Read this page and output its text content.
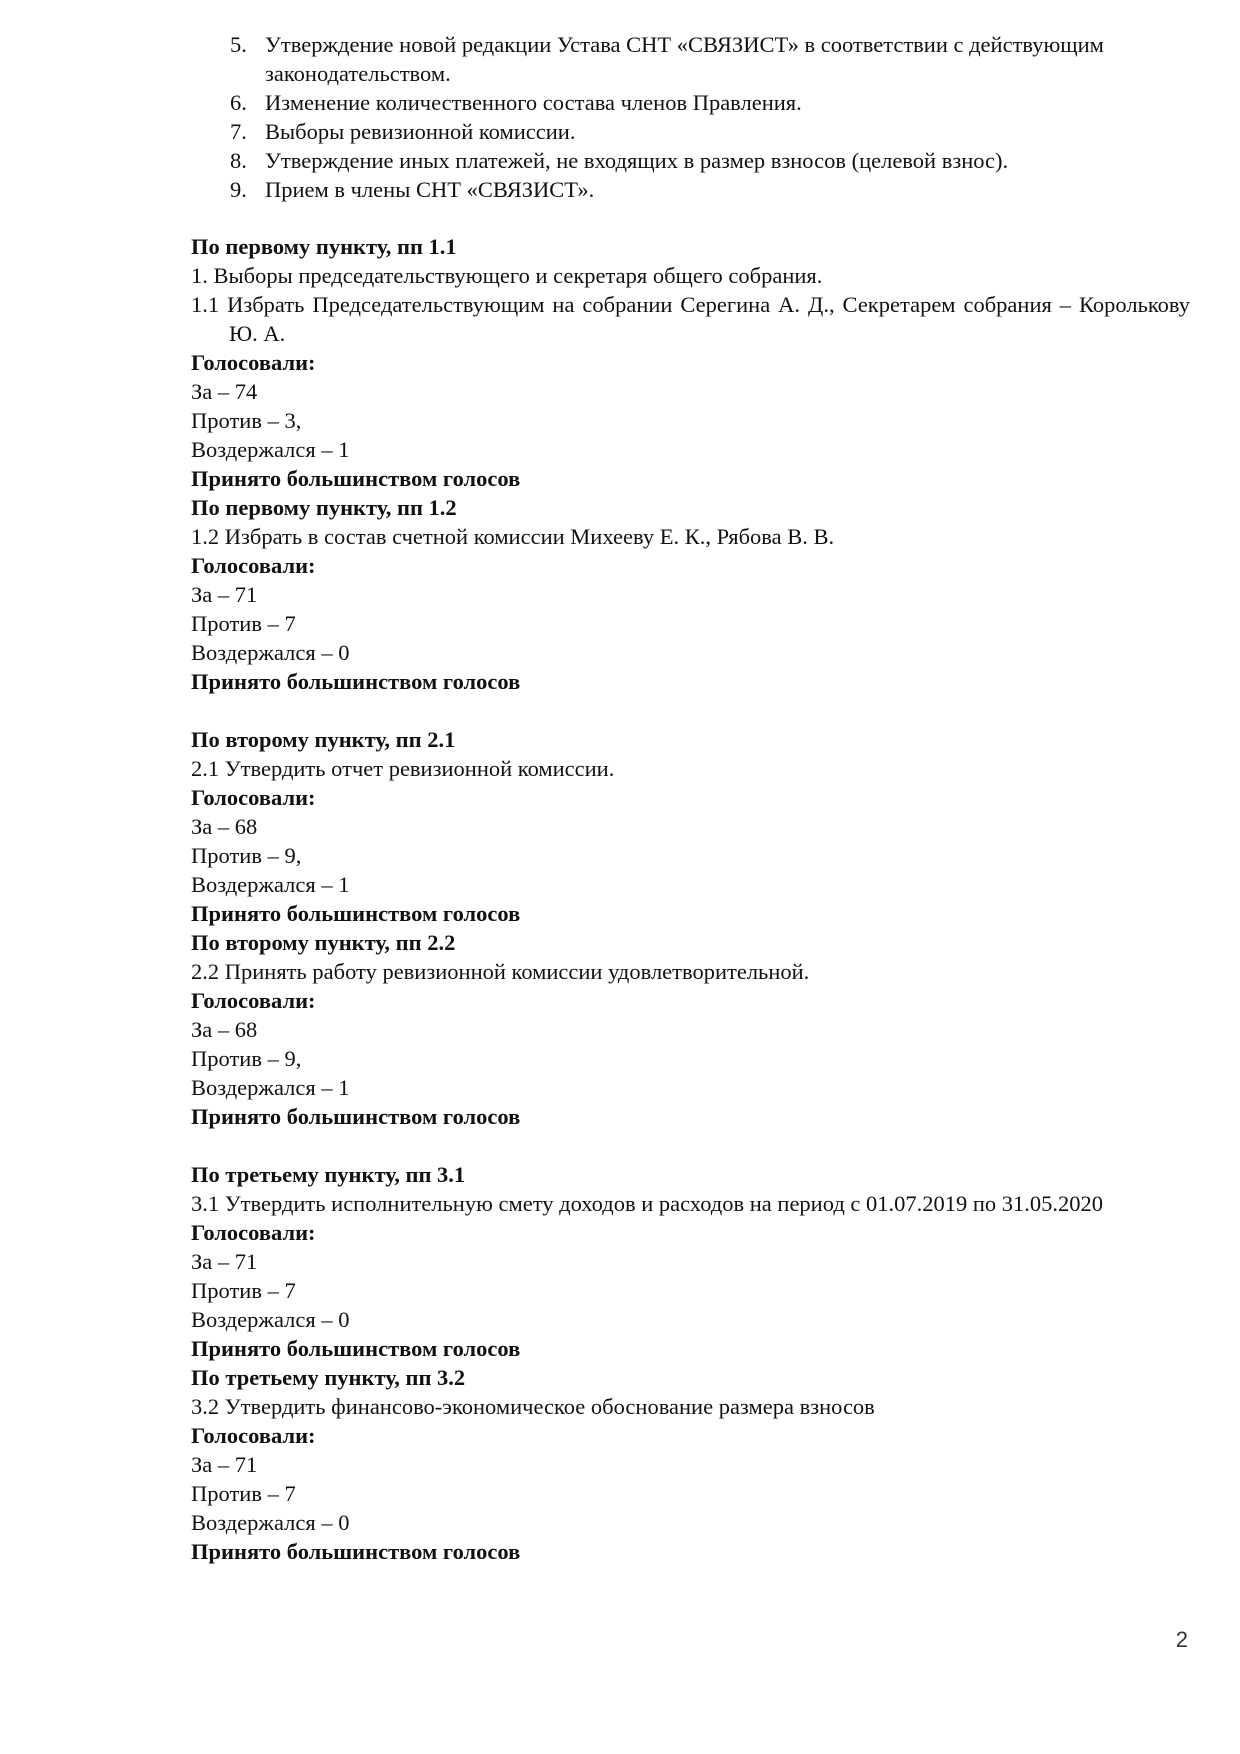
5. Утверждение новой редакции Устава СНТ «СВЯЗИСТ» в соответствии с действующим законодательством.
6. Изменение количественного состава членов Правления.
7. Выборы ревизионной комиссии.
8. Утверждение иных платежей, не входящих в размер взносов (целевой взнос).
9. Прием в члены СНТ «СВЯЗИСТ».
По первому пункту, пп 1.1
1. Выборы председательствующего и секретаря общего собрания.
1.1 Избрать Председательствующим на собрании Серегина А. Д., Секретарем собрания – Королькову Ю. А.
Голосовали:
За – 74
Против – 3,
Воздержался – 1
Принято большинством голосов
По первому пункту, пп 1.2
1.2 Избрать в состав счетной комиссии Михееву Е. К., Рябова В. В.
Голосовали:
За – 71
Против – 7
Воздержался – 0
Принято большинством голосов
По второму пункту, пп 2.1
2.1 Утвердить отчет ревизионной комиссии.
Голосовали:
За – 68
Против – 9,
Воздержался – 1
Принято большинством голосов
По второму пункту, пп 2.2
2.2 Принять работу ревизионной комиссии удовлетворительной.
Голосовали:
За – 68
Против – 9,
Воздержался – 1
Принято большинством голосов
По третьему пункту, пп 3.1
3.1 Утвердить исполнительную смету доходов и расходов на период с 01.07.2019 по 31.05.2020
Голосовали:
За – 71
Против – 7
Воздержался – 0
Принято большинством голосов
По третьему пункту, пп 3.2
3.2 Утвердить финансово-экономическое обоснование размера взносов
Голосовали:
За – 71
Против – 7
Воздержался – 0
Принято большинством голосов
2
